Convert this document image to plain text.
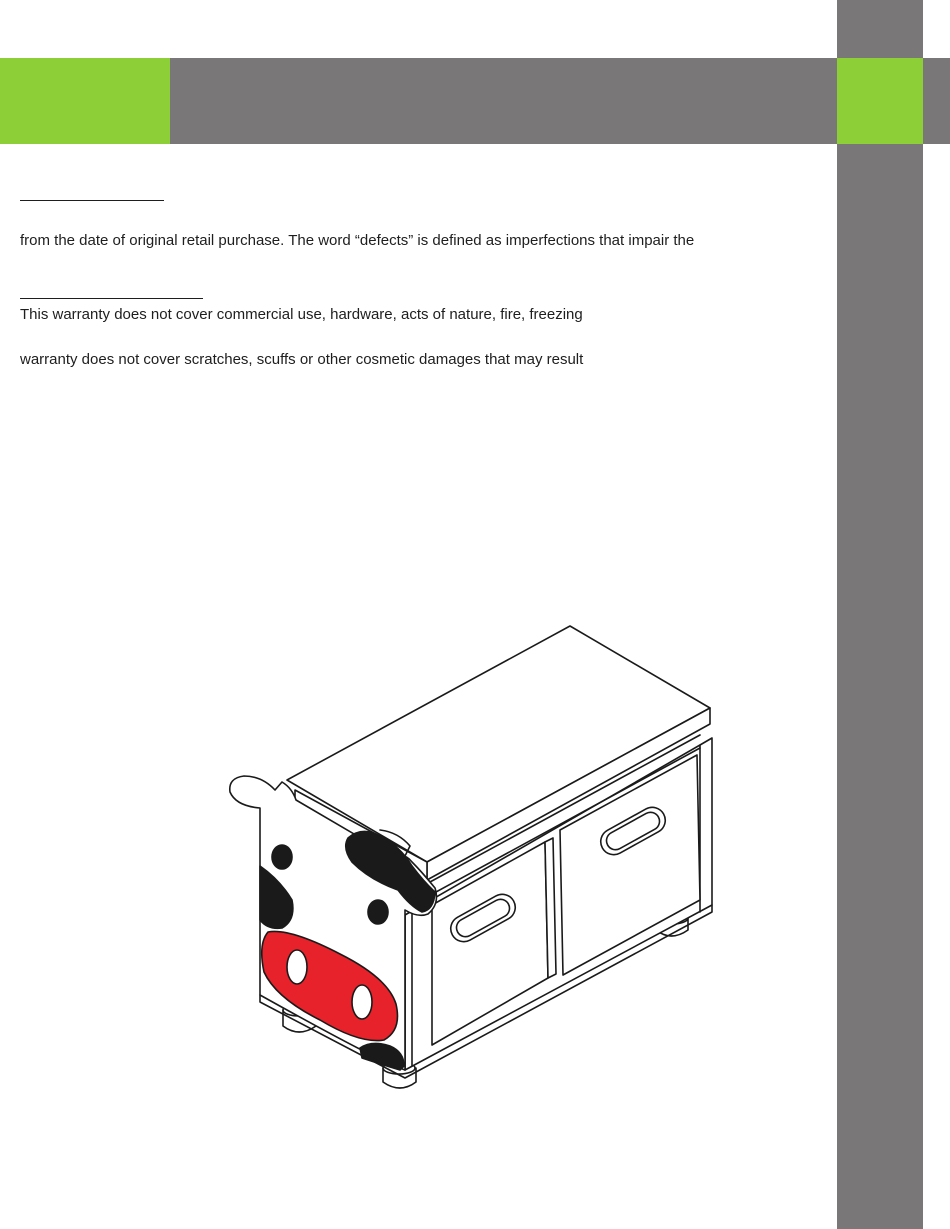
from the date of original retail purchase. The word “defects” is defined as imperfections that impair the
This warranty does not cover commercial use, hardware, acts of nature, fire, freezing
warranty does not cover scratches, scuffs or other cosmetic damages that may result
